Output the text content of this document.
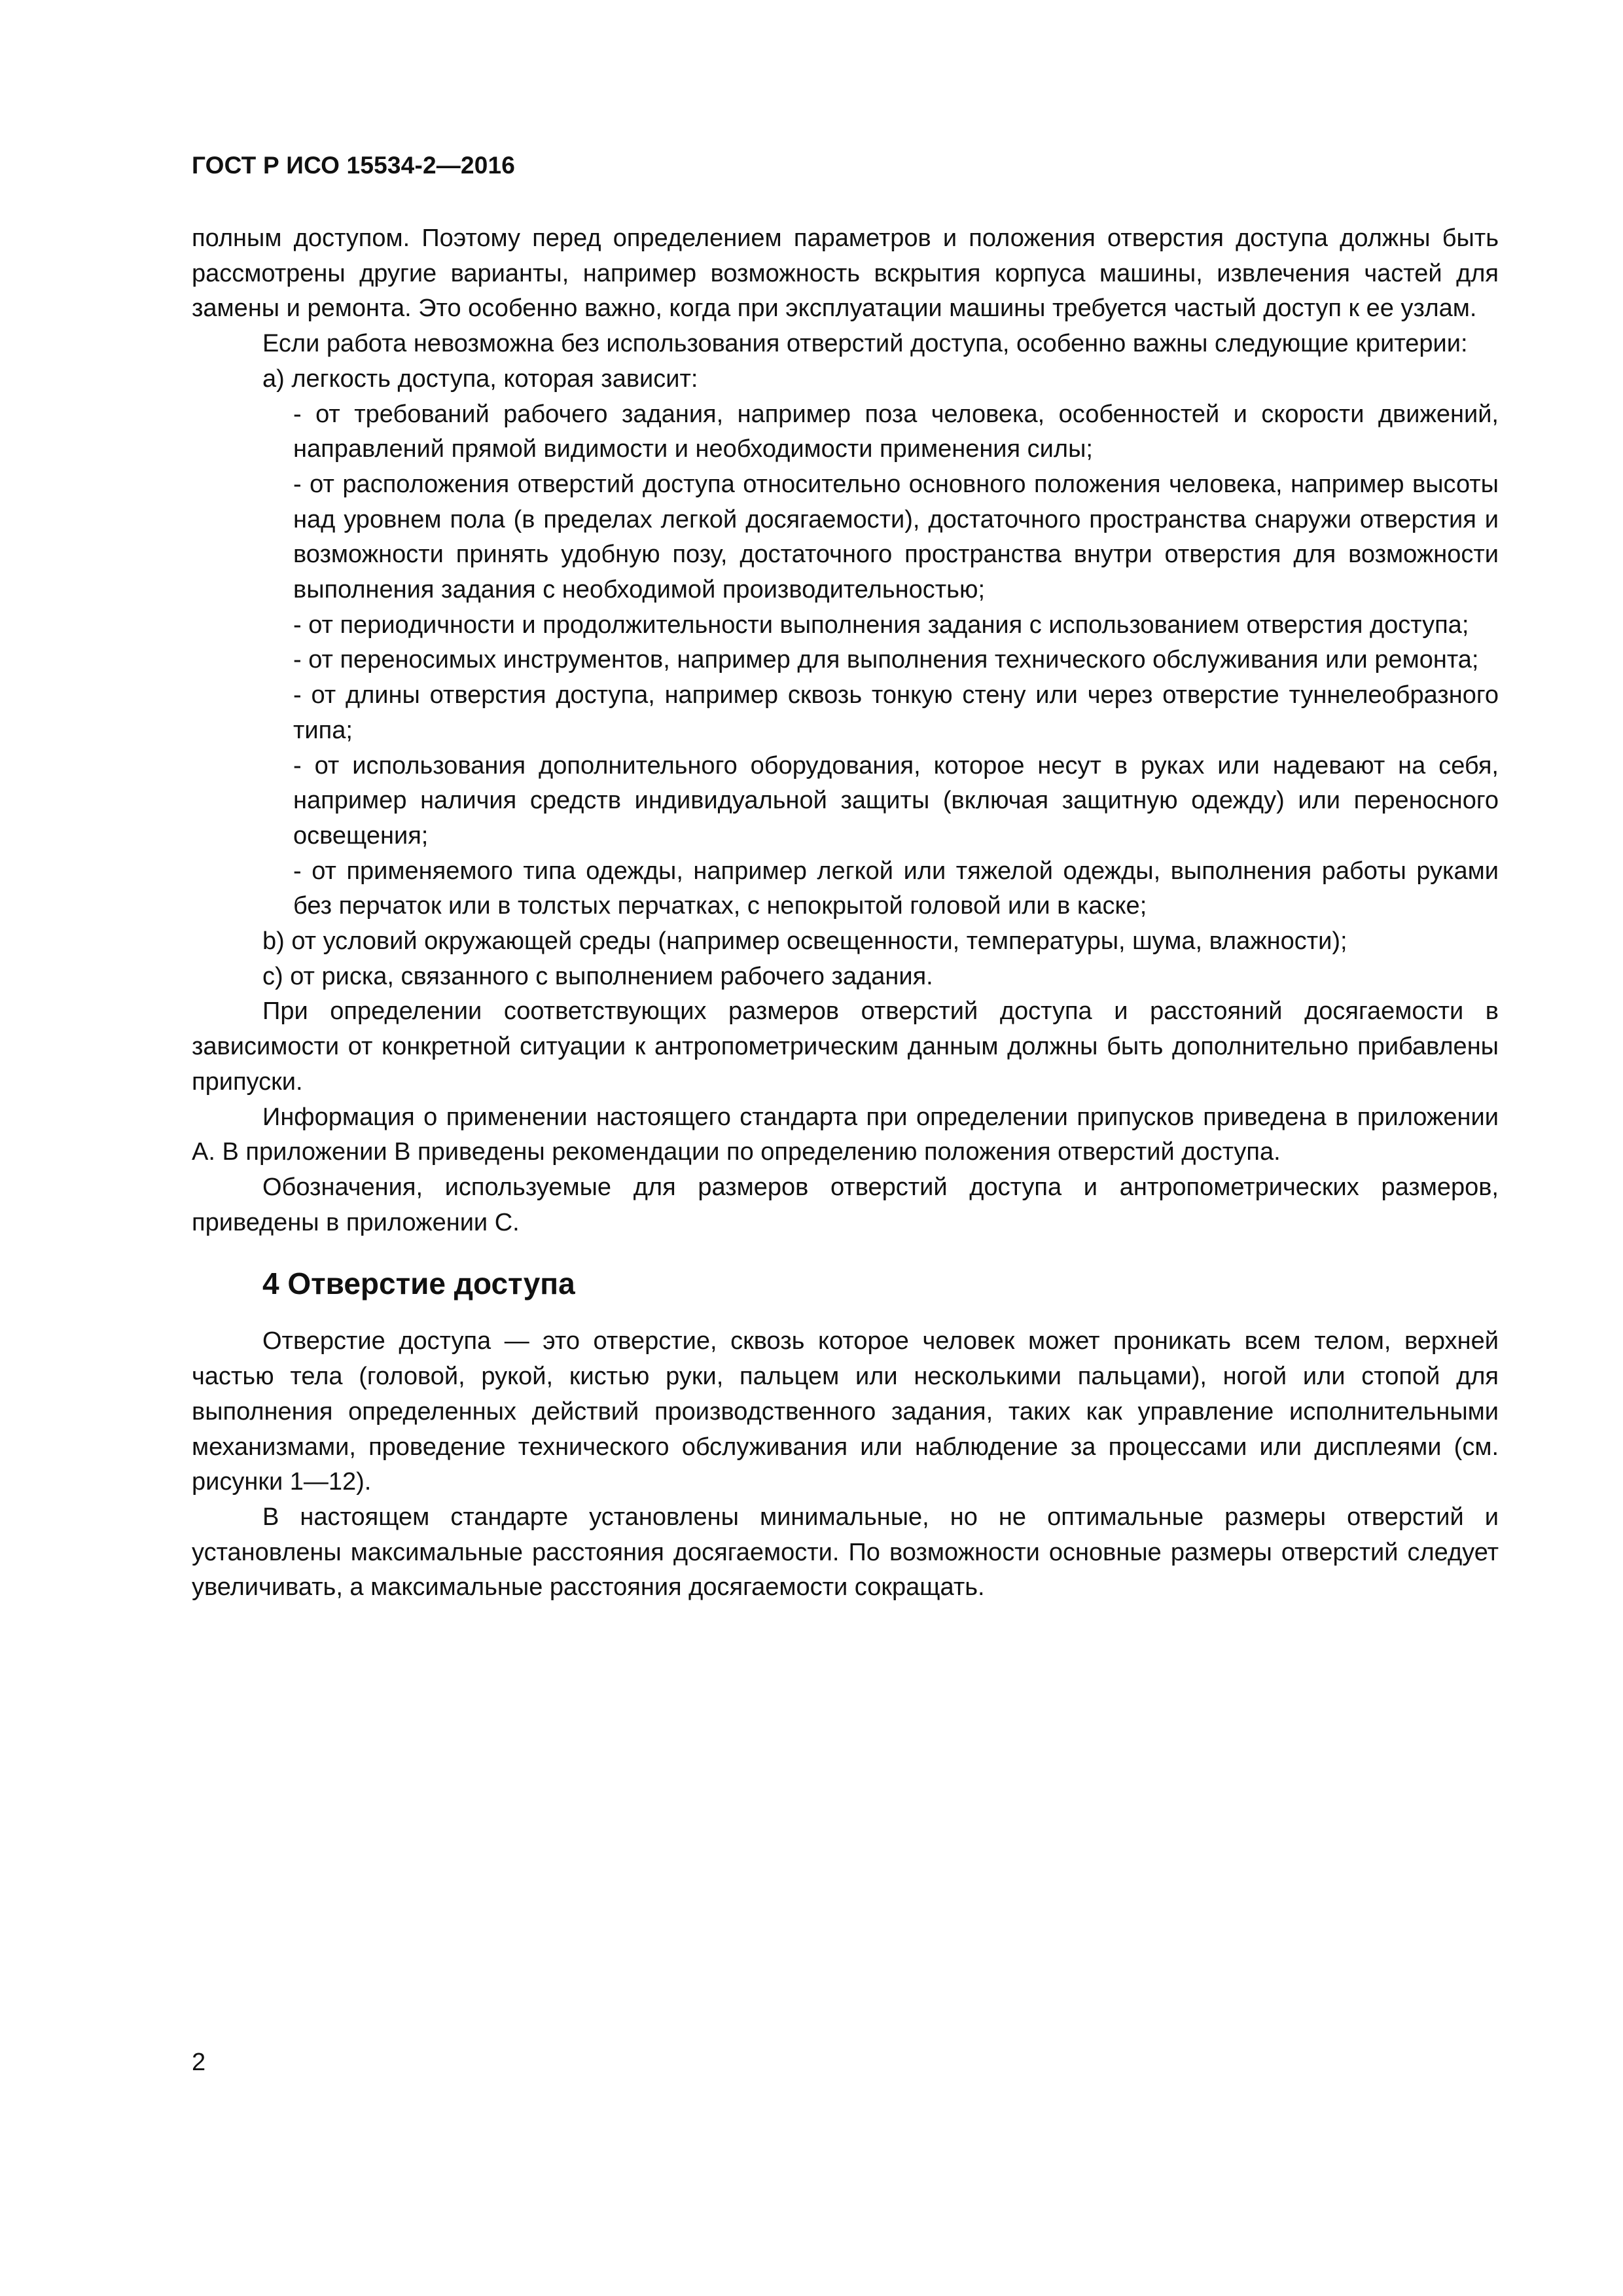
ГОСТ Р ИСО 15534-2—2016

полным доступом. Поэтому перед определением параметров и положения отверстия доступа должны быть рассмотрены другие варианты, например возможность вскрытия корпуса машины, извлечения частей для замены и ремонта. Это особенно важно, когда при эксплуатации машины требуется частый доступ к ее узлам.

Если работа невозможна без использования отверстий доступа, особенно важны следующие критерии:

a) легкость доступа, которая зависит:

- от требований рабочего задания, например поза человека, особенностей и скорости движений, направлений прямой видимости и необходимости применения силы;

- от расположения отверстий доступа относительно основного положения человека, например высоты над уровнем пола (в пределах легкой досягаемости), достаточного пространства снаружи отверстия и возможности принять удобную позу, достаточного пространства внутри отверстия для возможности выполнения задания с необходимой производительностью;

- от периодичности и продолжительности выполнения задания с использованием отверстия доступа;

- от переносимых инструментов, например для выполнения технического обслуживания или ремонта;

- от длины отверстия доступа, например сквозь тонкую стену или через отверстие туннелеобразного типа;

- от использования дополнительного оборудования, которое несут в руках или надевают на себя, например наличия средств индивидуальной защиты (включая защитную одежду) или переносного освещения;

- от применяемого типа одежды, например легкой или тяжелой одежды, выполнения работы руками без перчаток или в толстых перчатках, с непокрытой головой или в каске;

b) от условий окружающей среды (например освещенности, температуры, шума, влажности);

c) от риска, связанного с выполнением рабочего задания.

При определении соответствующих размеров отверстий доступа и расстояний досягаемости в зависимости от конкретной ситуации к антропометрическим данным должны быть дополнительно прибавлены припуски.

Информация о применении настоящего стандарта при определении припусков приведена в приложении A. В приложении B приведены рекомендации по определению положения отверстий доступа.

Обозначения, используемые для размеров отверстий доступа и антропометрических размеров, приведены в приложении C.

4 Отверстие доступа

Отверстие доступа — это отверстие, сквозь которое человек может проникать всем телом, верхней частью тела (головой, рукой, кистью руки, пальцем или несколькими пальцами), ногой или стопой для выполнения определенных действий производственного задания, таких как управление исполнительными механизмами, проведение технического обслуживания или наблюдение за процессами или дисплеями (см. рисунки 1—12).

В настоящем стандарте установлены минимальные, но не оптимальные размеры отверстий и установлены максимальные расстояния досягаемости. По возможности основные размеры отверстий следует увеличивать, а максимальные расстояния досягаемости сокращать.

2
